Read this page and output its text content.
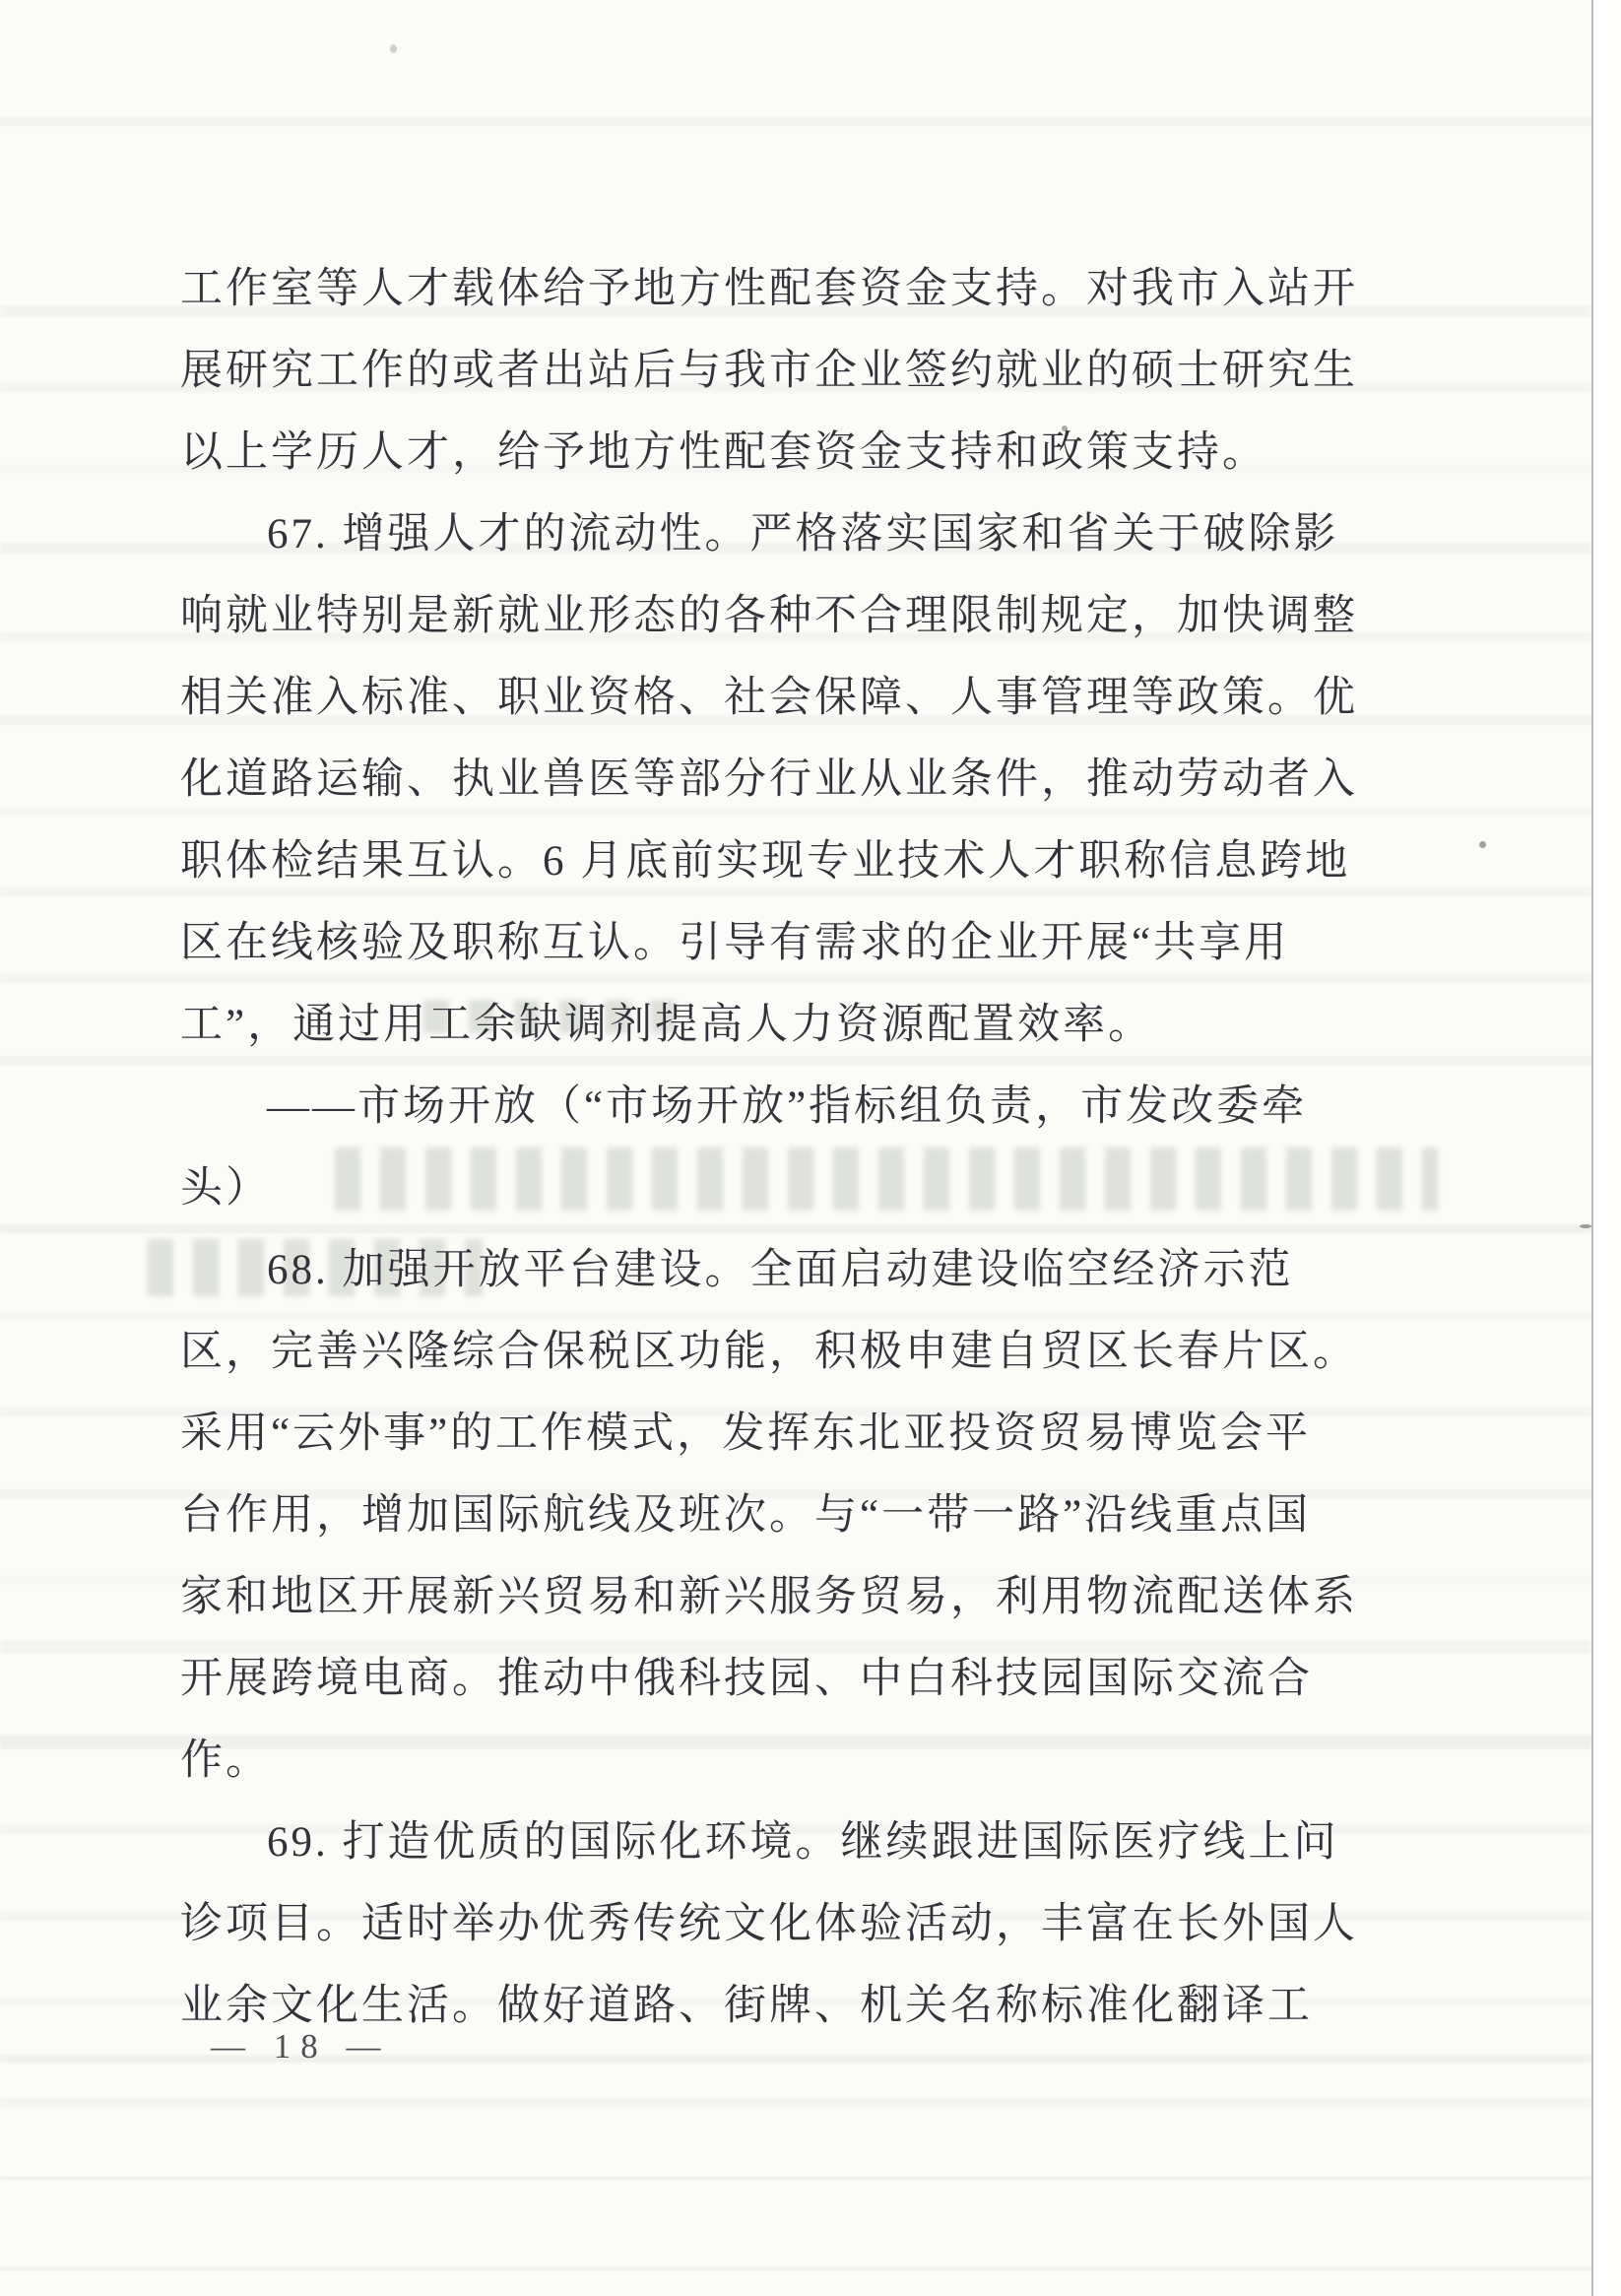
工作室等人才载体给予地方性配套资金支持。对我市入站开
展研究工作的或者出站后与我市企业签约就业的硕士研究生
以上学历人才，给予地方性配套资金支持和政策支持。
67. 增强人才的流动性。严格落实国家和省关于破除影
响就业特别是新就业形态的各种不合理限制规定，加快调整
相关准入标准、职业资格、社会保障、人事管理等政策。优
化道路运输、执业兽医等部分行业从业条件，推动劳动者入
职体检结果互认。6 月底前实现专业技术人才职称信息跨地
区在线核验及职称互认。引导有需求的企业开展“共享用
工”，通过用工余缺调剂提高人力资源配置效率。
——市场开放（“市场开放”指标组负责，市发改委牵
头）
68. 加强开放平台建设。全面启动建设临空经济示范
区，完善兴隆综合保税区功能，积极申建自贸区长春片区。
采用“云外事”的工作模式，发挥东北亚投资贸易博览会平
台作用，增加国际航线及班次。与“一带一路”沿线重点国
家和地区开展新兴贸易和新兴服务贸易，利用物流配送体系
开展跨境电商。推动中俄科技园、中白科技园国际交流合
作。
69. 打造优质的国际化环境。继续跟进国际医疗线上问
诊项目。适时举办优秀传统文化体验活动，丰富在长外国人
业余文化生活。做好道路、街牌、机关名称标准化翻译工
— 18 —
